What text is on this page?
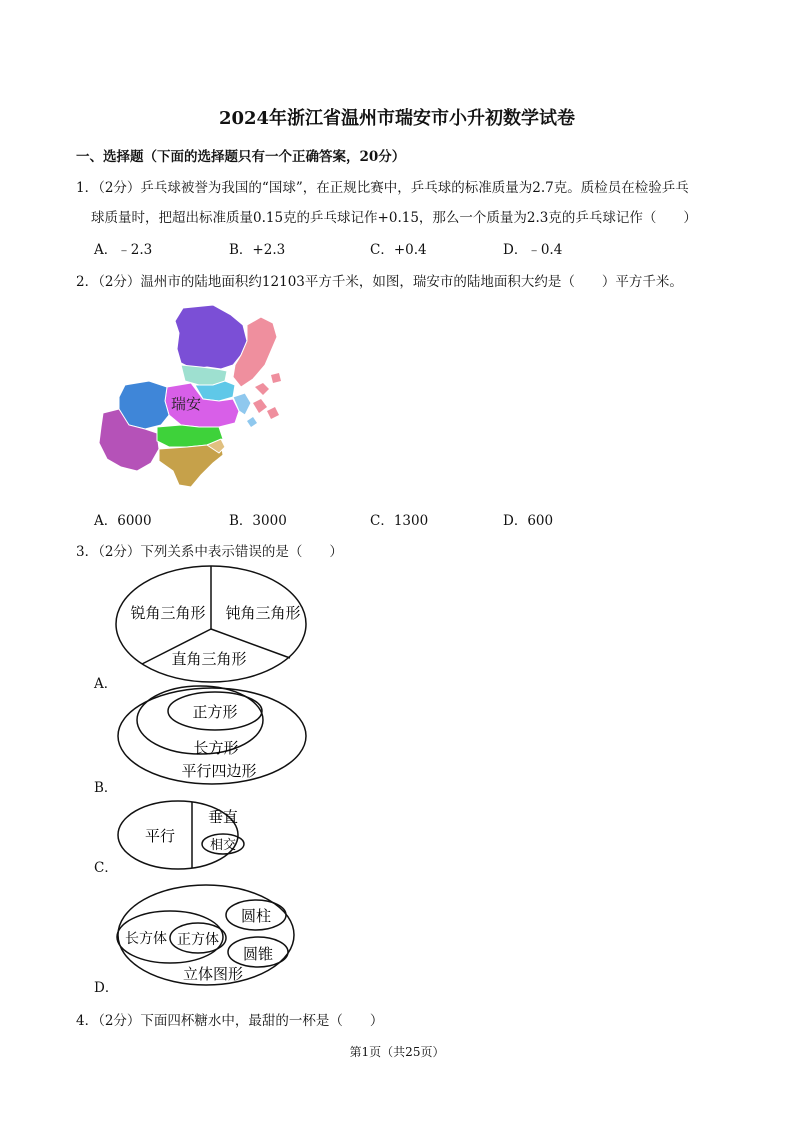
2024年浙江省温州市瑞安市小升初数学试卷
一、选择题（下面的选择题只有一个正确答案，20分）
1．（2分）乒乓球被誉为我国的“国球”，在正规比赛中，乒乓球的标准质量为2.7克。质检员在检验乒乓
球质量时，把超出标准质量0.15克的乒乓球记作+0.15，那么一个质量为2.3克的乒乓球记作（　　）
A．﹣2.3	B．+2.3	C．+0.4	D．﹣0.4
2．（2分）温州市的陆地面积约12103平方千米，如图，瑞安市的陆地面积大约是（　　）平方千米。
瑞安
A．6000	B．3000	C．1300	D．600
3．（2分）下列关系中表示错误的是（　　）
锐角三角形 钝角三角形
直角三角形
A．
正方形
长方形
平行四边形
B．
平行
垂直
相交
C．
长方体 正方体
圆柱
圆锥
立体图形
D．
4．（2分）下面四杯糖水中，最甜的一杯是（　　）
第1页（共25页）
